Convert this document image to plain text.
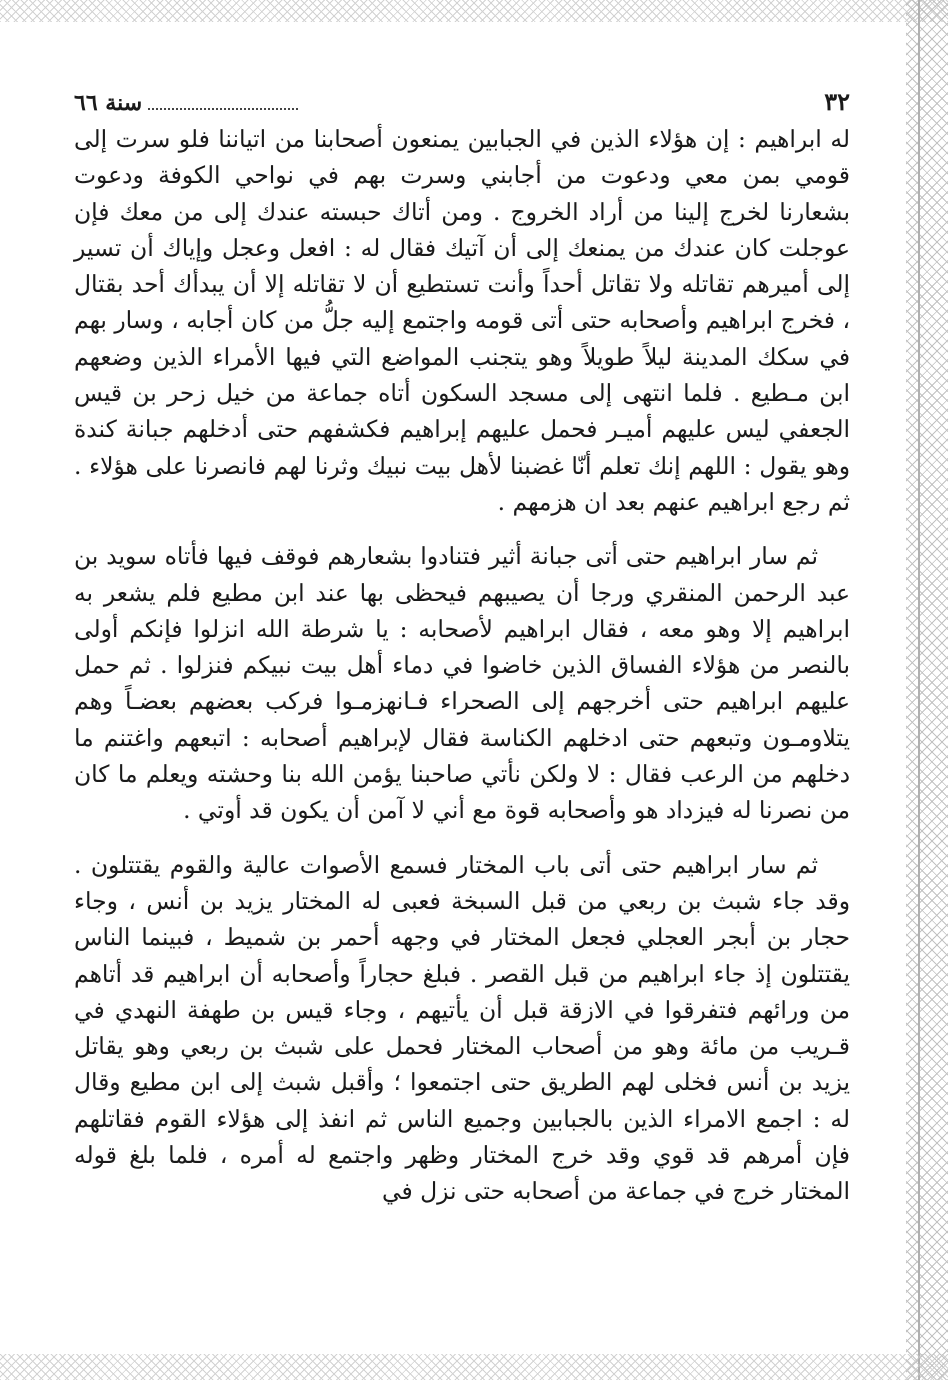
٣٢
سنة ٦٦

له ابراهيم : إن هؤلاء الذين في الجبابين يمنعون أصحابنا من اتياننا فلو سرت إلى قومي بمن معي ودعوت من أجابني وسرت بهم في نواحي الكوفة ودعوت بشعارنا لخرج إلينا من أراد الخروج . ومن أتاك حبسته عندك إلى من معك فإن عوجلت كان عندك من يمنعك إلى أن آتيك فقال له : افعل وعجل وإياك أن تسير إلى أميرهم تقاتله ولا تقاتل أحداً وأنت تستطيع أن لا تقاتله إلا أن يبدأك أحد بقتال ، فخرج ابراهيم وأصحابه حتى أتى قومه واجتمع إليه جلُّ من كان أجابه ، وسار بهم في سكك المدينة ليلاً طويلاً وهو يتجنب المواضع التي فيها الأمراء الذين وضعهم ابن مـطيع . فلما انتهى إلى مسجد السكون أتاه جماعة من خيل زحر بن قيس الجعفي ليس عليهم أميـر فحمل عليهم إبراهيم فكشفهم حتى أدخلهم جبانة كندة وهو يقول : اللهم إنك تعلم أنّا غضبنا لأهل بيت نبيك وثرنا لهم فانصرنا على هؤلاء . ثم رجع ابراهيم عنهم بعد ان هزمهم .

ثم سار ابراهيم حتى أتى جبانة أثير فتنادوا بشعارهم فوقف فيها فأتاه سويد بن عبد الرحمن المنقري ورجا أن يصيبهم فيحظى بها عند ابن مطيع فلم يشعر به ابراهيم إلا وهو معه ، فقال ابراهيم لأصحابه : يا شرطة الله انزلوا فإنكم أولى بالنصر من هؤلاء الفساق الذين خاضوا في دماء أهل بيت نبيكم فنزلوا . ثم حمل عليهم ابراهيم حتى أخرجهم إلى الصحراء فـانهزمـوا فركب بعضهم بعضـاً وهم يتلاومـون وتبعهم حتى ادخلهم الكناسة فقال لإبراهيم أصحابه : اتبعهم واغتنم ما دخلهم من الرعب فقال : لا ولكن نأتي صاحبنا يؤمن الله بنا وحشته ويعلم ما كان من نصرنا له فيزداد هو وأصحابه قوة مع أني لا آمن أن يكون قد أوتي .

ثم سار ابراهيم حتى أتى باب المختار فسمع الأصوات عالية والقوم يقتتلون . وقد جاء شبث بن ربعي من قبل السبخة فعبى له المختار يزيد بن أنس ، وجاء حجار بن أبجر العجلي فجعل المختار في وجهه أحمر بن شميط ، فبينما الناس يقتتلون إذ جاء ابراهيم من قبل القصر . فبلغ حجاراً وأصحابه أن ابراهيم قد أتاهم من ورائهم فتفرقوا في الازقة قبل أن يأتيهم ، وجاء قيس بن طهفة النهدي في قـريب من مائة وهو من أصحاب المختار فحمل على شبث بن ربعي وهو يقاتل يزيد بن أنس فخلى لهم الطريق حتى اجتمعوا ؛ وأقبل شبث إلى ابن مطيع وقال له : اجمع الامراء الذين بالجبابين وجميع الناس ثم انفذ إلى هؤلاء القوم فقاتلهم فإن أمرهم قد قوي وقد خرج المختار وظهر واجتمع له أمره ، فلما بلغ قوله المختار خرج في جماعة من أصحابه حتى نزل في
